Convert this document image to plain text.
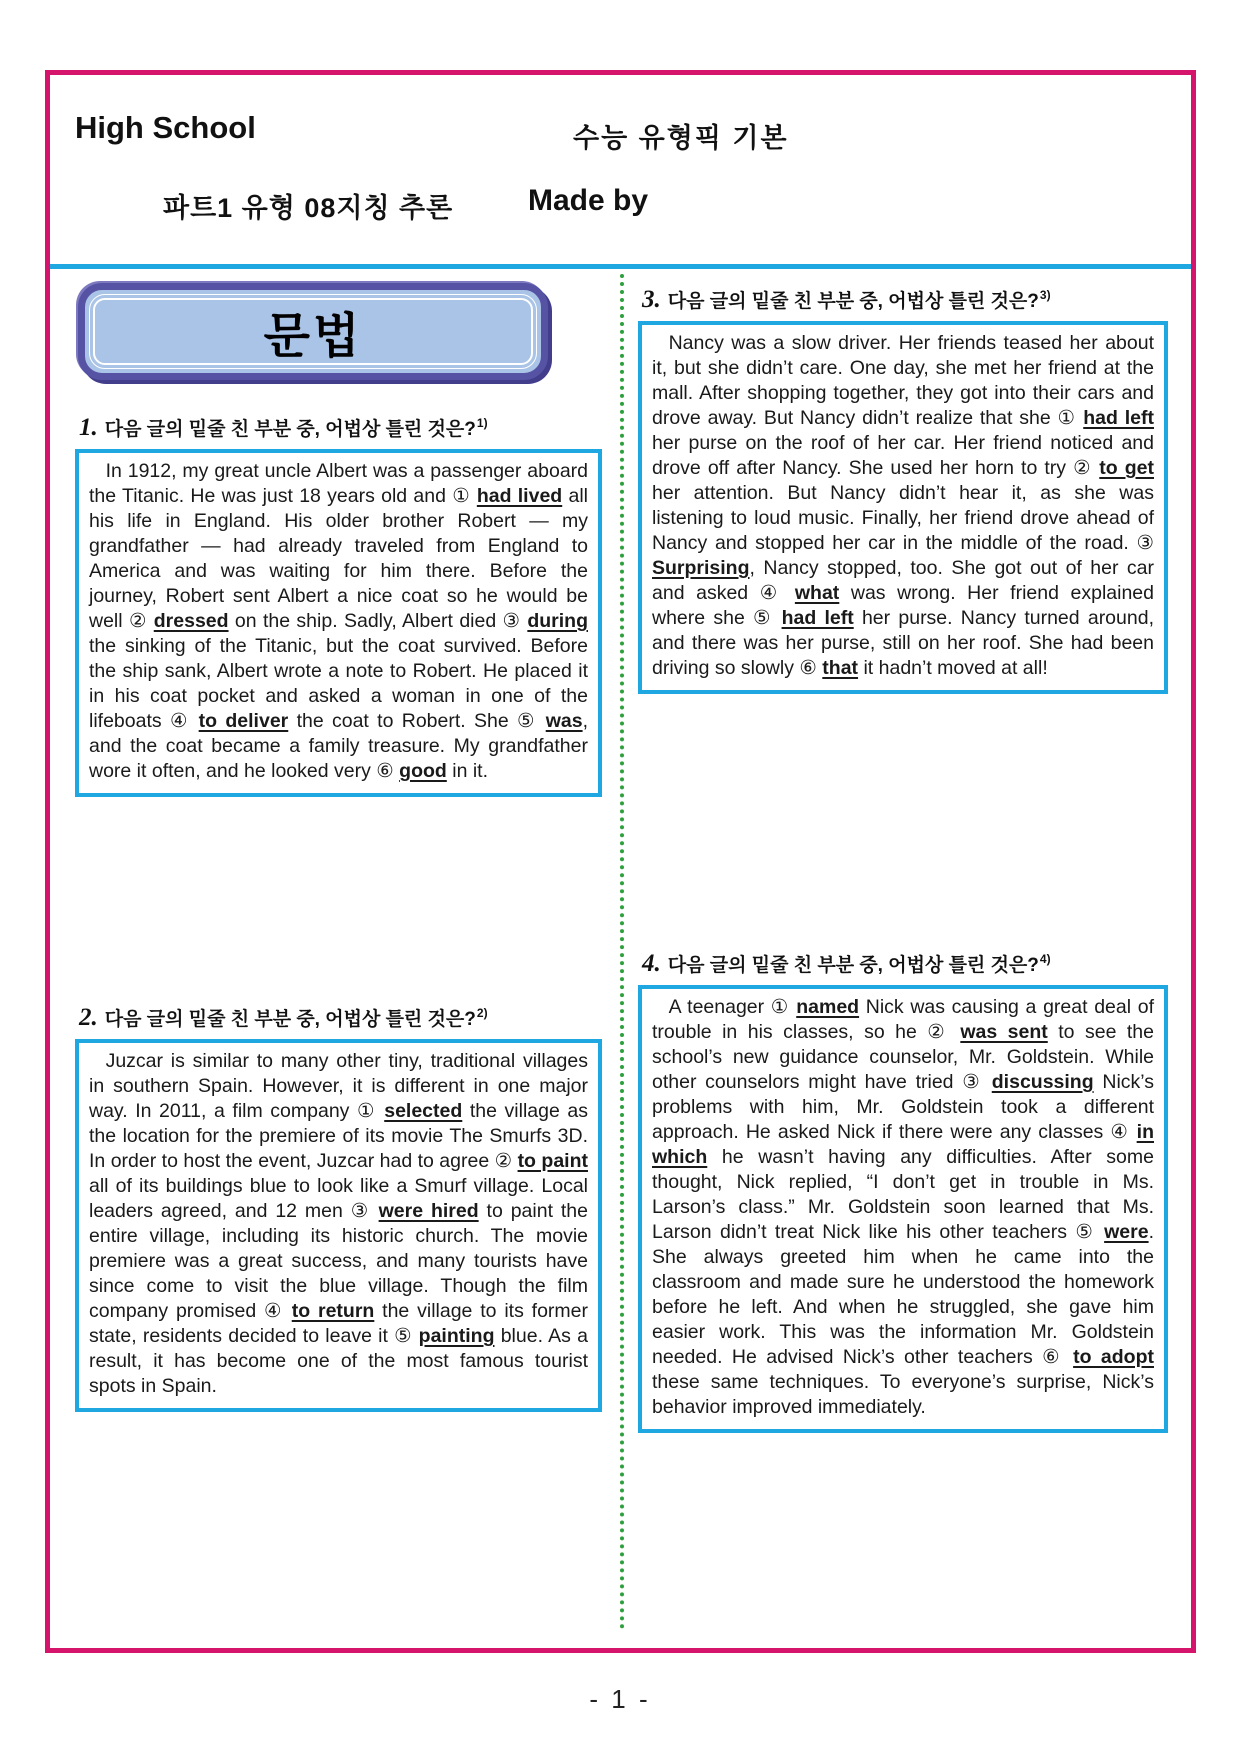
High School	수능 유형픽 기본
파트1 유형 08지칭 추론 Made by
문법
1. 다음 글의 밑줄 친 부분 중, 어법상 틀린 것은?$^{1)}$

In 1912, my great uncle Albert was a passenger aboard the Titanic. He was just 18 years old and ① had lived all his life in England. His older brother Robert — my grandfather — had already traveled from England to America and was waiting for him there. Before the journey, Robert sent Albert a nice coat so he would be well ② dressed on the ship. Sadly, Albert died ③ during the sinking of the Titanic, but the coat survived. Before the ship sank, Albert wrote a note to Robert. He placed it in his coat pocket and asked a woman in one of the lifeboats ④ to deliver the coat to Robert. She ⑤ was, and the coat became a family treasure. My grandfather wore it often, and he looked very ⑥ good in it.

2. 다음 글의 밑줄 친 부분 중, 어법상 틀린 것은?$^{2)}$

Juzcar is similar to many other tiny, traditional villages in southern Spain. However, it is different in one major way. In 2011, a film company ① selected the village as the location for the premiere of its movie The Smurfs 3D. In order to host the event, Juzcar had to agree ② to paint all of its buildings blue to look like a Smurf village. Local leaders agreed, and 12 men ③ were hired to paint the entire village, including its historic church. The movie premiere was a great success, and many tourists have since come to visit the blue village. Though the film company promised ④ to return the village to its former state, residents decided to leave it ⑤ painting blue. As a result, it has become one of the most famous tourist spots in Spain.

3. 다음 글의 밑줄 친 부분 중, 어법상 틀린 것은?$^{3)}$

Nancy was a slow driver. Her friends teased her about it, but she didn’t care. One day, she met her friend at the mall. After shopping together, they got into their cars and drove away. But Nancy didn’t realize that she ① had left her purse on the roof of her car. Her friend noticed and drove off after Nancy. She used her horn to try ② to get her attention. But Nancy didn’t hear it, as she was listening to loud music. Finally, her friend drove ahead of Nancy and stopped her car in the middle of the road. ③ Surprising, Nancy stopped, too. She got out of her car and asked ④ what was wrong. Her friend explained where she ⑤ had left her purse. Nancy turned around, and there was her purse, still on her roof. She had been driving so slowly ⑥ that it hadn’t moved at all!

4. 다음 글의 밑줄 친 부분 중, 어법상 틀린 것은?$^{4)}$

A teenager ① named Nick was causing a great deal of trouble in his classes, so he ② was sent to see the school’s new guidance counselor, Mr. Goldstein. While other counselors might have tried ③ discussing Nick’s problems with him, Mr. Goldstein took a different approach. He asked Nick if there were any classes ④ in which he wasn’t having any difficulties. After some thought, Nick replied, “I don’t get in trouble in Ms. Larson’s class.” Mr. Goldstein soon learned that Ms. Larson didn’t treat Nick like his other teachers ⑤ were. She always greeted him when he came into the classroom and made sure he understood the homework before he left. And when he struggled, she gave him easier work. This was the information Mr. Goldstein needed. He advised Nick’s other teachers ⑥ to adopt these same techniques. To everyone’s surprise, Nick’s behavior improved immediately.

- 1 -
